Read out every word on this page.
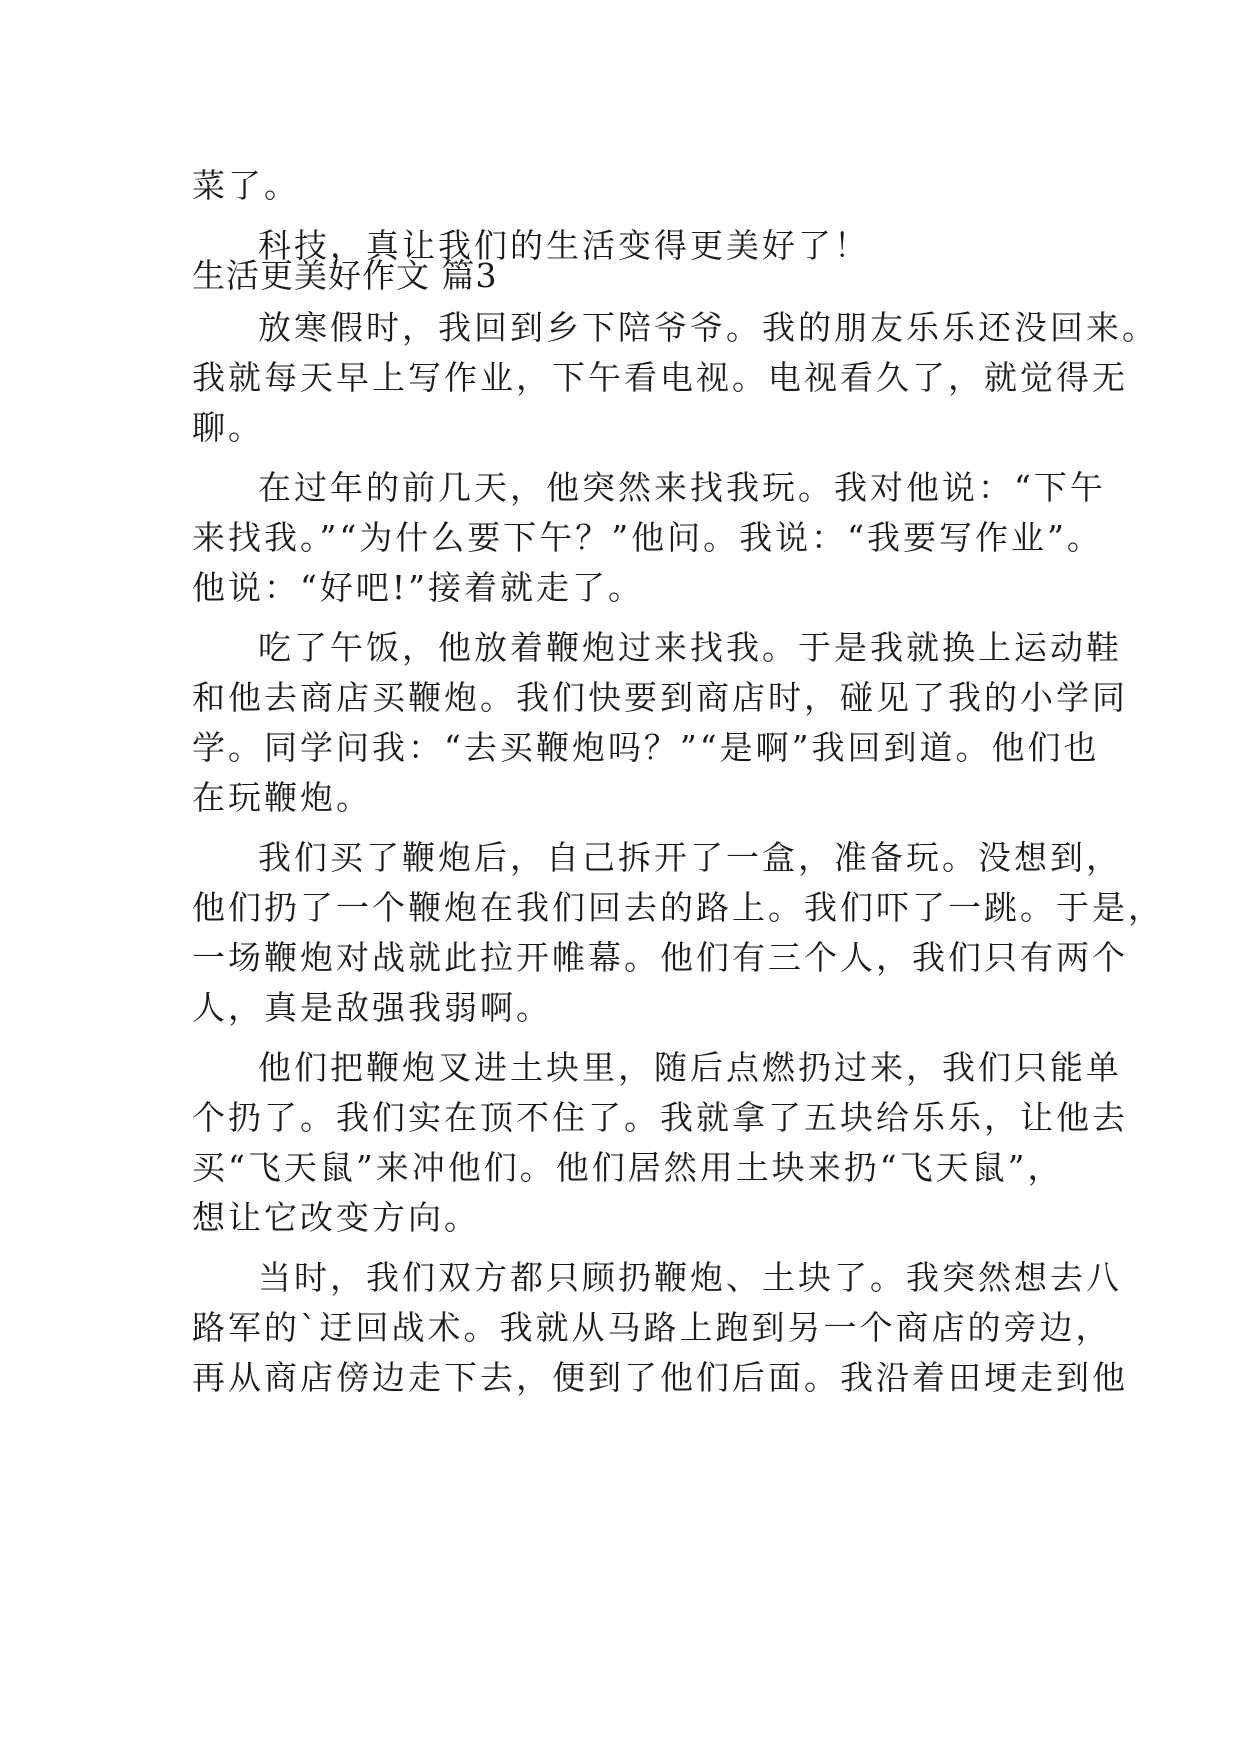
菜了。
科技，真让我们的生活变得更美好了！
生活更美好作文 篇3
放寒假时，我回到乡下陪爷爷。我的朋友乐乐还没回来。
我就每天早上写作业，下午看电视。电视看久了，就觉得无
聊。
在过年的前几天，他突然来找我玩。我对他说：“下午
来找我。”“为什么要下午？”他问。我说：“我要写作业”。
他说：“好吧!”接着就走了。
吃了午饭，他放着鞭炮过来找我。于是我就换上运动鞋
和他去商店买鞭炮。我们快要到商店时，碰见了我的小学同
学。同学问我：“去买鞭炮吗？”“是啊”我回到道。他们也
在玩鞭炮。
我们买了鞭炮后，自己拆开了一盒，准备玩。没想到，
他们扔了一个鞭炮在我们回去的路上。我们吓了一跳。于是，
一场鞭炮对战就此拉开帷幕。他们有三个人，我们只有两个
人，真是敌强我弱啊。
他们把鞭炮叉进土块里，随后点燃扔过来，我们只能单
个扔了。我们实在顶不住了。我就拿了五块给乐乐，让他去
买“飞天鼠”来冲他们。他们居然用土块来扔“飞天鼠”，
想让它改变方向。
当时，我们双方都只顾扔鞭炮、土块了。我突然想去八
路军的`迂回战术。我就从马路上跑到另一个商店的旁边，
再从商店傍边走下去，便到了他们后面。我沿着田埂走到他
